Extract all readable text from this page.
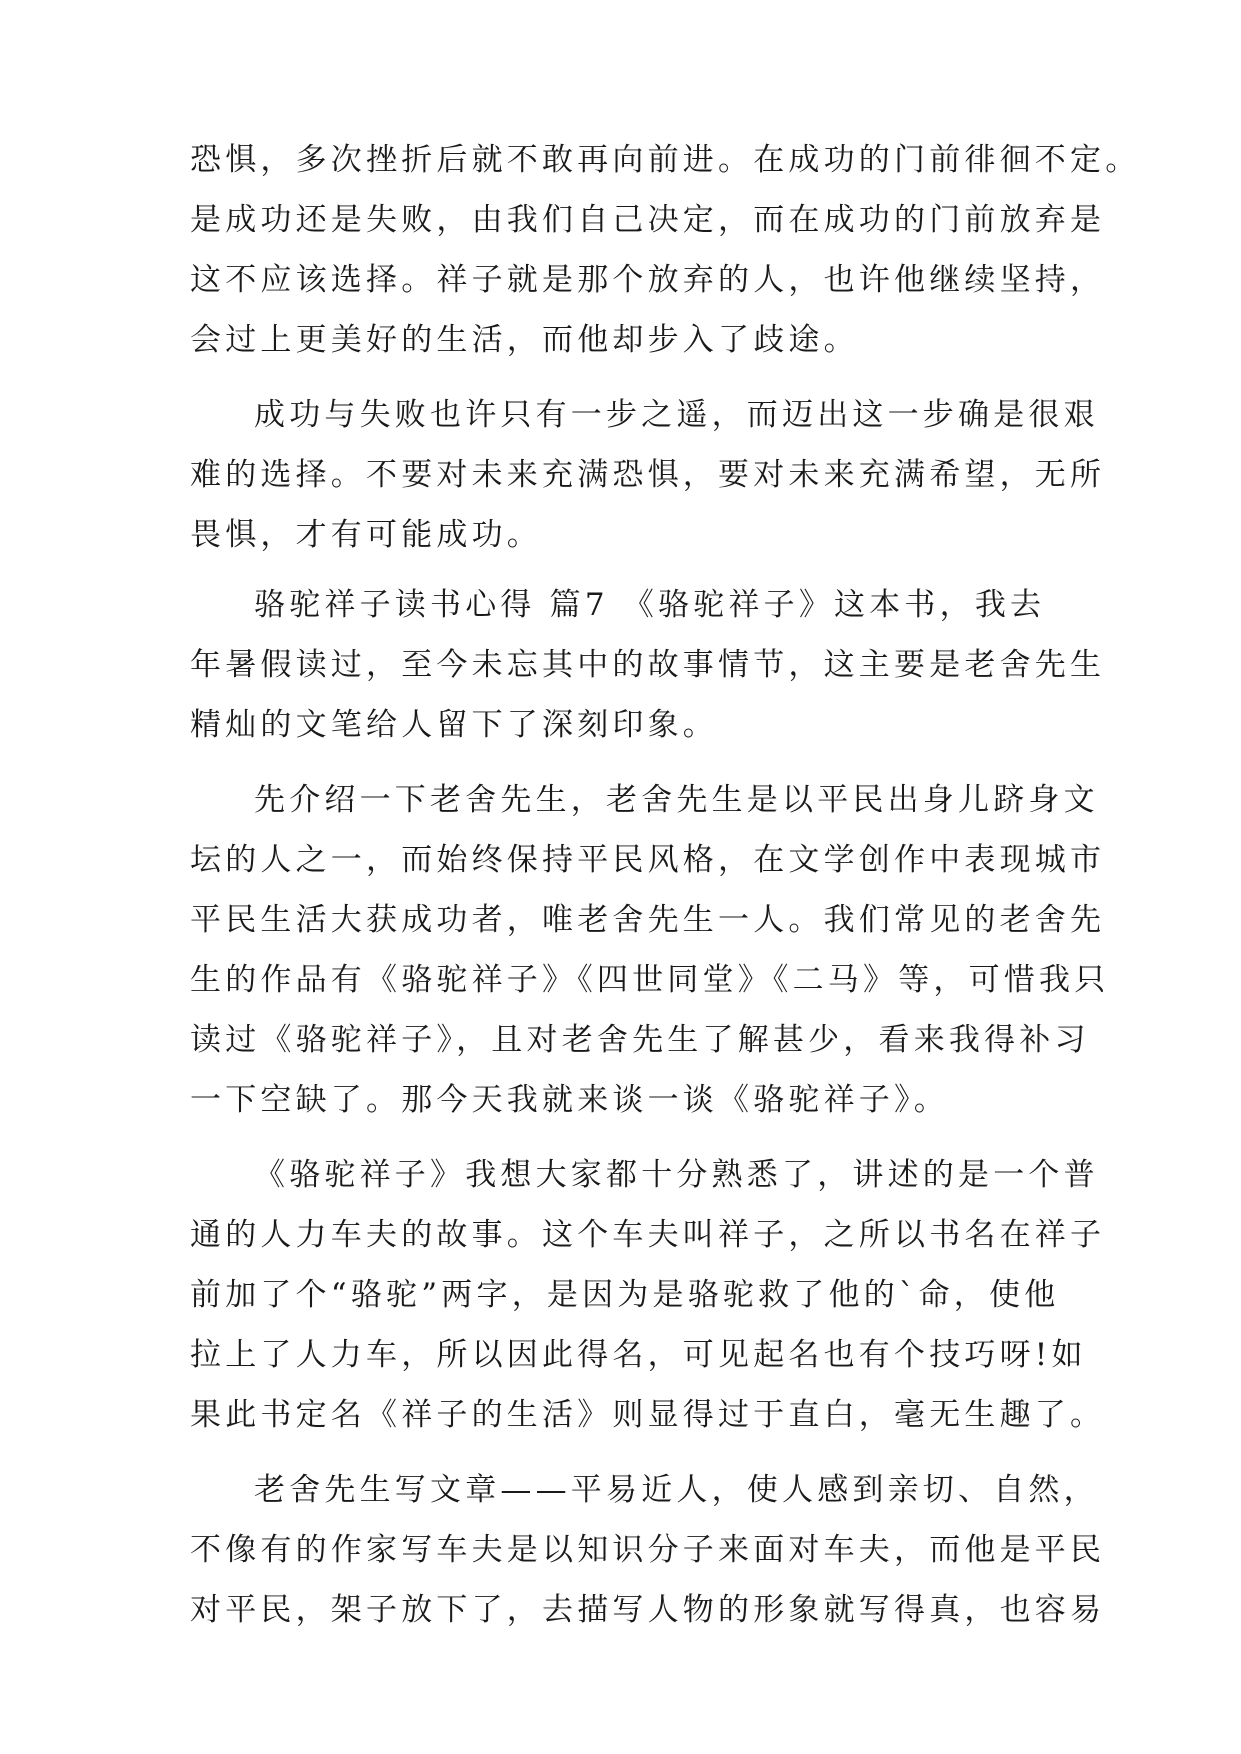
恐惧，多次挫折后就不敢再向前进。在成功的门前徘徊不定。
是成功还是失败，由我们自己决定，而在成功的门前放弃是
这不应该选择。祥子就是那个放弃的人，也许他继续坚持，
会过上更美好的生活，而他却步入了歧途。
成功与失败也许只有一步之遥，而迈出这一步确是很艰
难的选择。不要对未来充满恐惧，要对未来充满希望，无所
畏惧，才有可能成功。
骆驼祥子读书心得 篇7 《骆驼祥子》这本书，我去
年暑假读过，至今未忘其中的故事情节，这主要是老舍先生
精灿的文笔给人留下了深刻印象。
先介绍一下老舍先生，老舍先生是以平民出身儿跻身文
坛的人之一，而始终保持平民风格，在文学创作中表现城市
平民生活大获成功者，唯老舍先生一人。我们常见的老舍先
生的作品有《骆驼祥子》《四世同堂》《二马》等，可惜我只
读过《骆驼祥子》，且对老舍先生了解甚少，看来我得补习
一下空缺了。那今天我就来谈一谈《骆驼祥子》。
《骆驼祥子》我想大家都十分熟悉了，讲述的是一个普
通的人力车夫的故事。这个车夫叫祥子，之所以书名在祥子
前加了个“骆驼”两字，是因为是骆驼救了他的`命，使他
拉上了人力车，所以因此得名，可见起名也有个技巧呀!如
果此书定名《祥子的生活》则显得过于直白，毫无生趣了。
老舍先生写文章——平易近人，使人感到亲切、自然，
不像有的作家写车夫是以知识分子来面对车夫，而他是平民
对平民，架子放下了，去描写人物的形象就写得真，也容易
